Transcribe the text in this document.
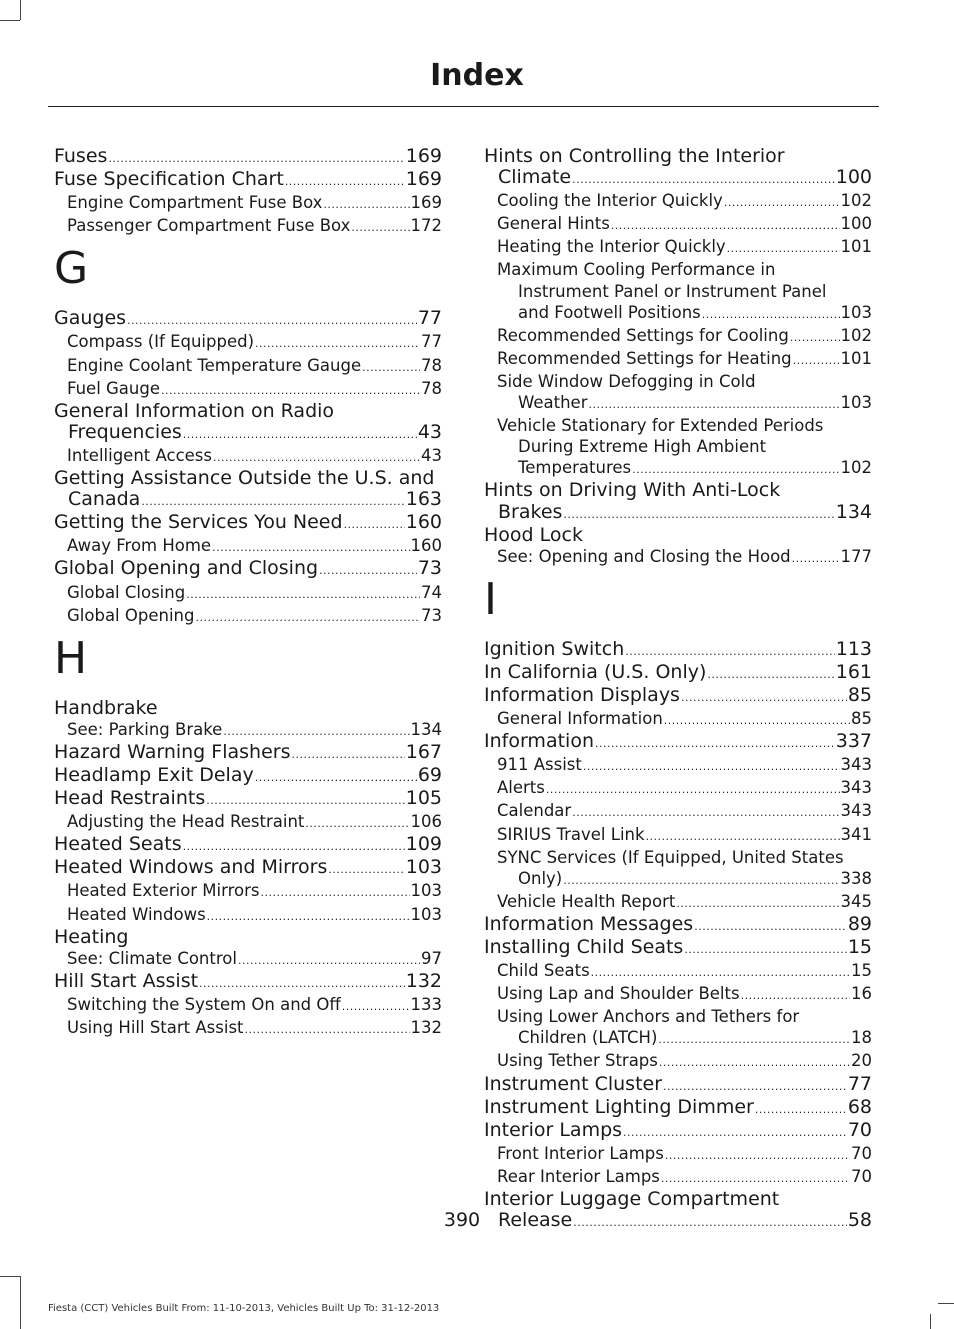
Index
Fuses .....	169
Fuse Specification Chart .....	169
Engine Compartment Fuse Box .....	169
Passenger Compartment Fuse Box .....	172
G
Gauges .....	77
Compass (If Equipped) .....	77
Engine Coolant Temperature Gauge .....	78
Fuel Gauge .....	78
General Information on Radio
Frequencies .....	43
Intelligent Access .....	43
Getting Assistance Outside the U.S. and
Canada .....	163
Getting the Services You Need .....	160
Away From Home .....	160
Global Opening and Closing .....	73
Global Closing .....	74
Global Opening .....	73
H
Handbrake
See: Parking Brake .....	134
Hazard Warning Flashers .....	167
Headlamp Exit Delay .....	69
Head Restraints .....	105
Adjusting the Head Restraint .....	106
Heated Seats .....	109
Heated Windows and Mirrors .....	103
Heated Exterior Mirrors .....	103
Heated Windows .....	103
Heating
See: Climate Control .....	97
Hill Start Assist .....	132
Switching the System On and Off .....	133
Using Hill Start Assist .....	132
Hints on Controlling the Interior
Climate .....	100
Cooling the Interior Quickly .....	102
General Hints .....	100
Heating the Interior Quickly .....	101
Maximum Cooling Performance in
Instrument Panel or Instrument Panel
and Footwell Positions .....	103
Recommended Settings for Cooling .....	102
Recommended Settings for Heating .....	101
Side Window Defogging in Cold
Weather .....	103
Vehicle Stationary for Extended Periods
During Extreme High Ambient
Temperatures .....	102
Hints on Driving With Anti-Lock
Brakes .....	134
Hood Lock
See: Opening and Closing the Hood .....	177
I
Ignition Switch .....	113
In California (U.S. Only) .....	161
Information Displays .....	85
General Information .....	85
Information .....	337
911 Assist .....	343
Alerts .....	343
Calendar .....	343
SIRIUS Travel Link .....	341
SYNC Services (If Equipped, United States
Only) .....	338
Vehicle Health Report .....	345
Information Messages .....	89
Installing Child Seats .....	15
Child Seats .....	15
Using Lap and Shoulder Belts .....	16
Using Lower Anchors and Tethers for
Children (LATCH) .....	18
Using Tether Straps .....	20
Instrument Cluster .....	77
Instrument Lighting Dimmer .....	68
Interior Lamps .....	70
Front Interior Lamps .....	70
Rear Interior Lamps .....	70
Interior Luggage Compartment
Release .....	58
390
Fiesta (CCT) Vehicles Built From: 11-10-2013, Vehicles Built Up To: 31-12-2013
